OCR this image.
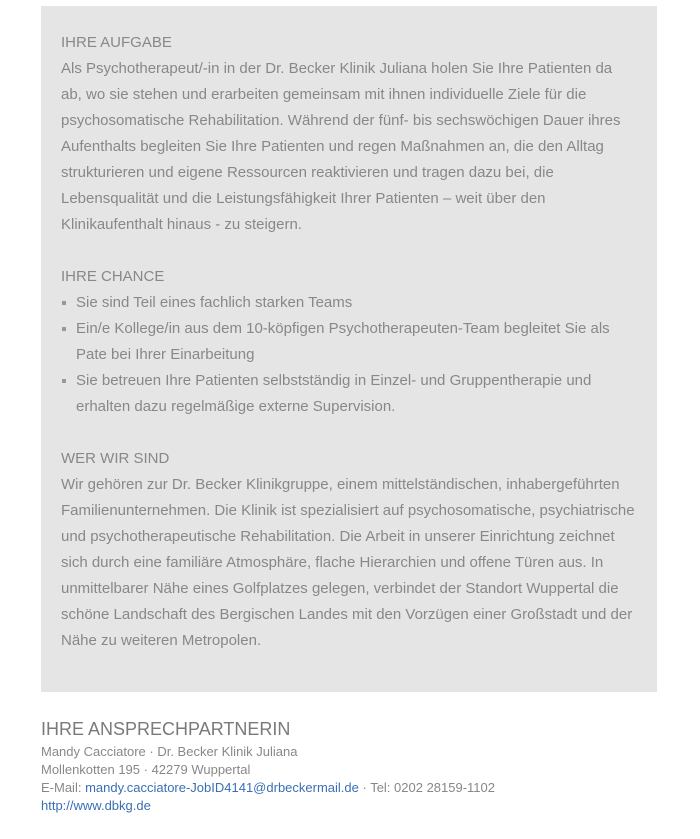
IHRE AUFGABE

Als Psychotherapeut/-in in der Dr. Becker Klinik Juliana holen Sie Ihre Patienten da ab, wo sie stehen und erarbeiten gemeinsam mit ihnen individuelle Ziele für die psychosomatische Rehabilitation. Während der fünf- bis sechswöchigen Dauer ihres Aufenthalts begleiten Sie Ihre Patienten und regen Maßnahmen an, die den Alltag strukturieren und eigene Ressourcen reaktivieren und tragen dazu bei, die Lebensqualität und die Leistungsfähigkeit Ihrer Patienten – weit über den Klinikaufenthalt hinaus - zu steigern.

IHRE CHANCE
Sie sind Teil eines fachlich starken Teams
Ein/e Kollege/in aus dem 10-köpfigen Psychotherapeuten-Team begleitet Sie als Pate bei Ihrer Einarbeitung
Sie betreuen Ihre Patienten selbstständig in Einzel- und Gruppentherapie und erhalten dazu regelmäßige externe Supervision.
WER WIR SIND

Wir gehören zur Dr. Becker Klinikgruppe, einem mittelständischen, inhabergeführten Familienunternehmen. Die Klinik ist spezialisiert auf psychosomatische, psychiatrische und psychotherapeutische Rehabilitation. Die Arbeit in unserer Einrichtung zeichnet sich durch eine familiäre Atmosphäre, flache Hierarchien und offene Türen aus. In unmittelbarer Nähe eines Golfplatzes gelegen, verbindet der Standort Wuppertal die schöne Landschaft des Bergischen Landes mit den Vorzügen einer Großstadt und der Nähe zu weiteren Metropolen.

IHRE ANSPRECHPARTNERIN

Mandy Cacciatore · Dr. Becker Klinik Juliana

Mollenkotten 195 · 42279 Wuppertal

E-Mail: mandy.cacciatore-JobID4141@drbeckermail.de · Tel: 0202 28159-1102

http://www.dbkg.de
